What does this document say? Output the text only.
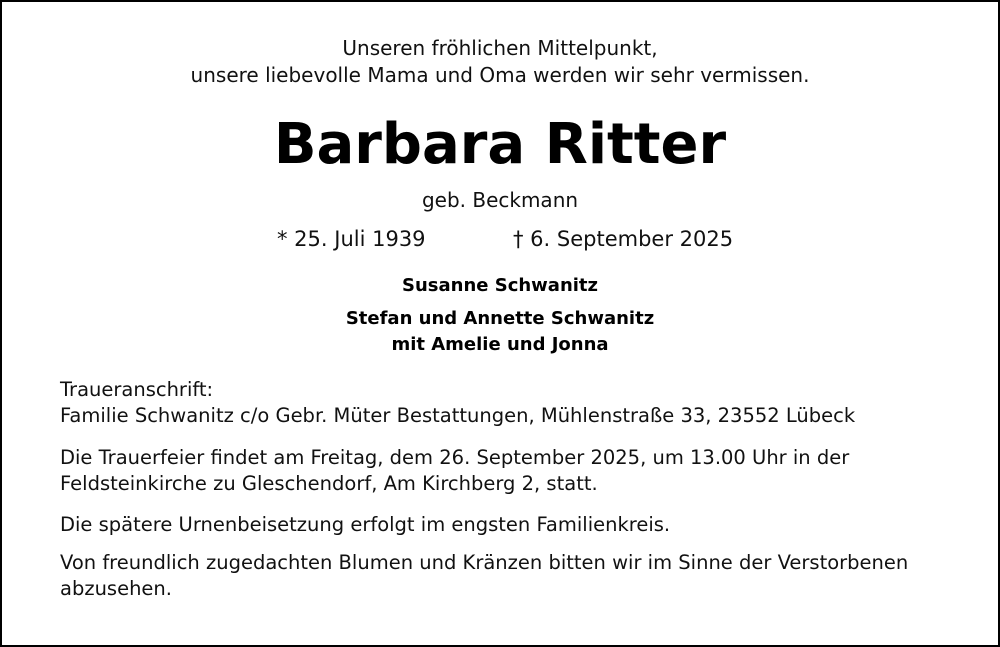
Unseren fröhlichen Mittelpunkt,
unsere liebevolle Mama und Oma werden wir sehr vermissen.
Barbara Ritter
geb. Beckmann
* 25. Juli 1939	† 6. September 2025
Susanne Schwanitz
Stefan und Annette Schwanitz
mit Amelie und Jonna
Traueranschrift:
Familie Schwanitz c/o Gebr. Müter Bestattungen, Mühlenstraße 33, 23552 Lübeck
Die Trauerfeier findet am Freitag, dem 26. September 2025, um 13.00 Uhr in der
Feldsteinkirche zu Gleschendorf, Am Kirchberg 2, statt.
Die spätere Urnenbeisetzung erfolgt im engsten Familienkreis.
Von freundlich zugedachten Blumen und Kränzen bitten wir im Sinne der Verstorbenen
abzusehen.
